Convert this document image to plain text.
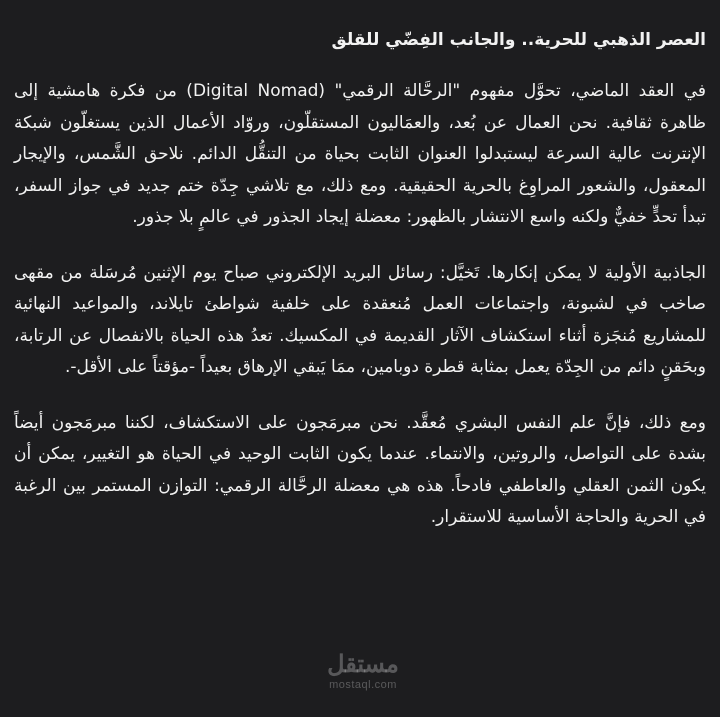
العصر الذهبي للحرية.. والجانب الفِضّي للقلق

في العقد الماضي، تحوَّل مفهوم "الرحَّالة الرقمي" (Digital Nomad) من فكرة هامشية إلى ظاهرة ثقافية. نحن العمال عن بُعد، والعمَاليون المستقلّون، وروّاد الأعمال الذين يستغلّون شبكة الإنترنت عالية السرعة ليستبدلوا العنوان الثابت بحياة من التنقُّل الدائم. نلاحق الشَّمس، والإيجار المعقول، والشعور المراوِغ بالحرية الحقيقية. ومع ذلك، مع تلاشي جِدّة ختم جديد في جواز السفر، تبدأ تحدٍّ خفيٌّ ولكنه واسع الانتشار بالظهور: معضلة إيجاد الجذور في عالمٍ بلا جذور.

الجاذبية الأولية لا يمكن إنكارها. تَخيَّل: رسائل البريد الإلكتروني صباح يوم الإثنين مُرسَلة من مقهى صاخب في لشبونة، واجتماعات العمل مُنعقدة على خلفية شواطئ تايلاند، والمواعيد النهائية للمشاريع مُنجَزة أثناء استكشاف الآثار القديمة في المكسيك. تعدُ هذه الحياة بالانفصال عن الرتابة، وبحَقنٍ دائم من الجِدّة يعمل بمثابة قطرة دوبامين، ممَا يَبقي الإرهاق بعيداً -مؤقتاً على الأقل-.

ومع ذلك، فإنَّ علم النفس البشري مُعقَّد. نحن مبرمَجون على الاستكشاف، لكننا مبرمَجون أيضاً بشدة على التواصل، والروتين، والانتماء. عندما يكون الثابت الوحيد في الحياة هو التغيير، يمكن أن يكون الثمن العقلي والعاطفي فادحاً. هذه هي معضلة الرحَّالة الرقمي: التوازن المستمر بين الرغبة في الحرية والحاجة الأساسية للاستقرار.

مستقل
mostaql.com
